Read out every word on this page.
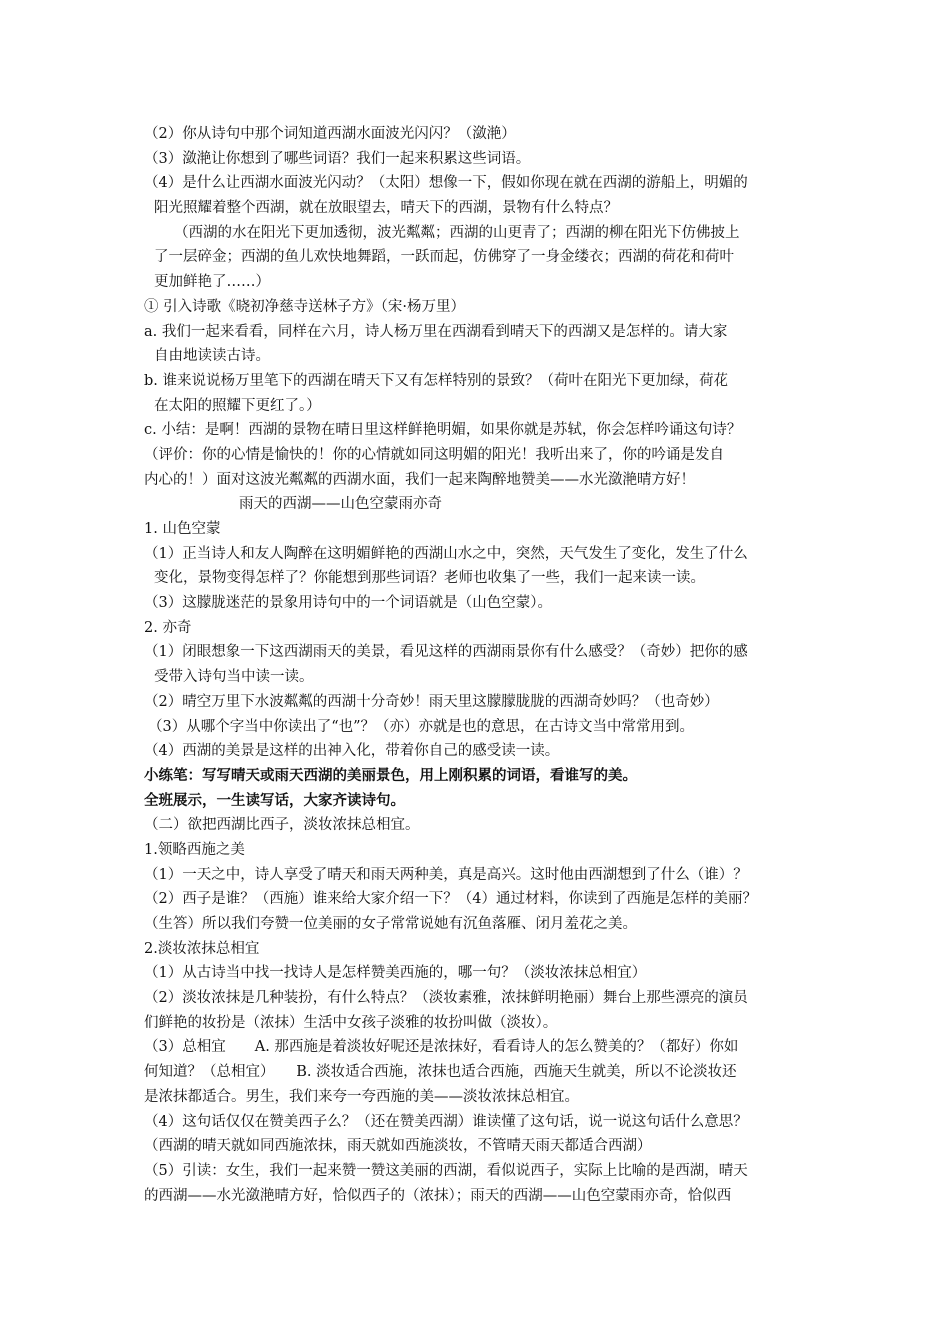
（2）你从诗句中那个词知道西湖水面波光闪闪？（潋滟）
（3）潋滟让你想到了哪些词语？我们一起来积累这些词语。
（4）是什么让西湖水面波光闪动？（太阳）想像一下，假如你现在就在西湖的游船上，明媚的
阳光照耀着整个西湖，就在放眼望去，晴天下的西湖，景物有什么特点？
（西湖的水在阳光下更加透彻，波光粼粼；西湖的山更青了；西湖的柳在阳光下仿佛披上
了一层碎金；西湖的鱼儿欢快地舞蹈，一跃而起，仿佛穿了一身金缕衣；西湖的荷花和荷叶
更加鲜艳了……）
① 引入诗歌《晓初净慈寺送林子方》（宋·杨万里）
a. 我们一起来看看，同样在六月，诗人杨万里在西湖看到晴天下的西湖又是怎样的。请大家
自由地读读古诗。
b. 谁来说说杨万里笔下的西湖在晴天下又有怎样特别的景致？（荷叶在阳光下更加绿，荷花
在太阳的照耀下更红了。）
c. 小结：是啊！西湖的景物在晴日里这样鲜艳明媚，如果你就是苏轼，你会怎样吟诵这句诗？
（评价：你的心情是愉快的！你的心情就如同这明媚的阳光！我听出来了，你的吟诵是发自
内心的！）面对这波光粼粼的西湖水面，我们一起来陶醉地赞美——水光潋滟晴方好！
雨天的西湖——山色空蒙雨亦奇
1. 山色空蒙
（1）正当诗人和友人陶醉在这明媚鲜艳的西湖山水之中，突然，天气发生了变化，发生了什么
变化，景物变得怎样了？你能想到那些词语？老师也收集了一些，我们一起来读一读。
（3）这朦胧迷茫的景象用诗句中的一个词语就是（山色空蒙）。
2. 亦奇
（1）闭眼想象一下这西湖雨天的美景，看见这样的西湖雨景你有什么感受？（奇妙）把你的感
受带入诗句当中读一读。
（2）晴空万里下水波粼粼的西湖十分奇妙！雨天里这朦朦胧胧的西湖奇妙吗？（也奇妙）
（3）从哪个字当中你读出了“也”？（亦）亦就是也的意思，在古诗文当中常常用到。
（4）西湖的美景是这样的出神入化，带着你自己的感受读一读。
小练笔：写写晴天或雨天西湖的美丽景色，用上刚积累的词语，看谁写的美。
全班展示，一生读写话，大家齐读诗句。
（二）欲把西湖比西子，淡妆浓抹总相宜。
1.领略西施之美
（1）一天之中，诗人享受了晴天和雨天两种美，真是高兴。这时他由西湖想到了什么（谁）？
（2）西子是谁？（西施）谁来给大家介绍一下？（4）通过材料，你读到了西施是怎样的美丽？
（生答）所以我们夸赞一位美丽的女子常常说她有沉鱼落雁、闭月羞花之美。
2.淡妆浓抹总相宜
（1）从古诗当中找一找诗人是怎样赞美西施的，哪一句？（淡妆浓抹总相宜）
（2）淡妆浓抹是几种装扮，有什么特点？（淡妆素雅，浓抹鲜明艳丽）舞台上那些漂亮的演员
们鲜艳的妆扮是（浓抹）生活中女孩子淡雅的妆扮叫做（淡妆）。
（3）总相宜　　A. 那西施是着淡妆好呢还是浓抹好，看看诗人的怎么赞美的？（都好）你如
何知道？（总相宜）　　B. 淡妆适合西施，浓抹也适合西施，西施天生就美，所以不论淡妆还
是浓抹都适合。男生，我们来夸一夸西施的美——淡妆浓抹总相宜。
（4）这句话仅仅在赞美西子么？（还在赞美西湖）谁读懂了这句话，说一说这句话什么意思？
（西湖的晴天就如同西施浓抹，雨天就如西施淡妆，不管晴天雨天都适合西湖）
（5）引读：女生，我们一起来赞一赞这美丽的西湖，看似说西子，实际上比喻的是西湖，晴天
的西湖——水光潋滟晴方好，恰似西子的（浓抹）；雨天的西湖——山色空蒙雨亦奇，恰似西
